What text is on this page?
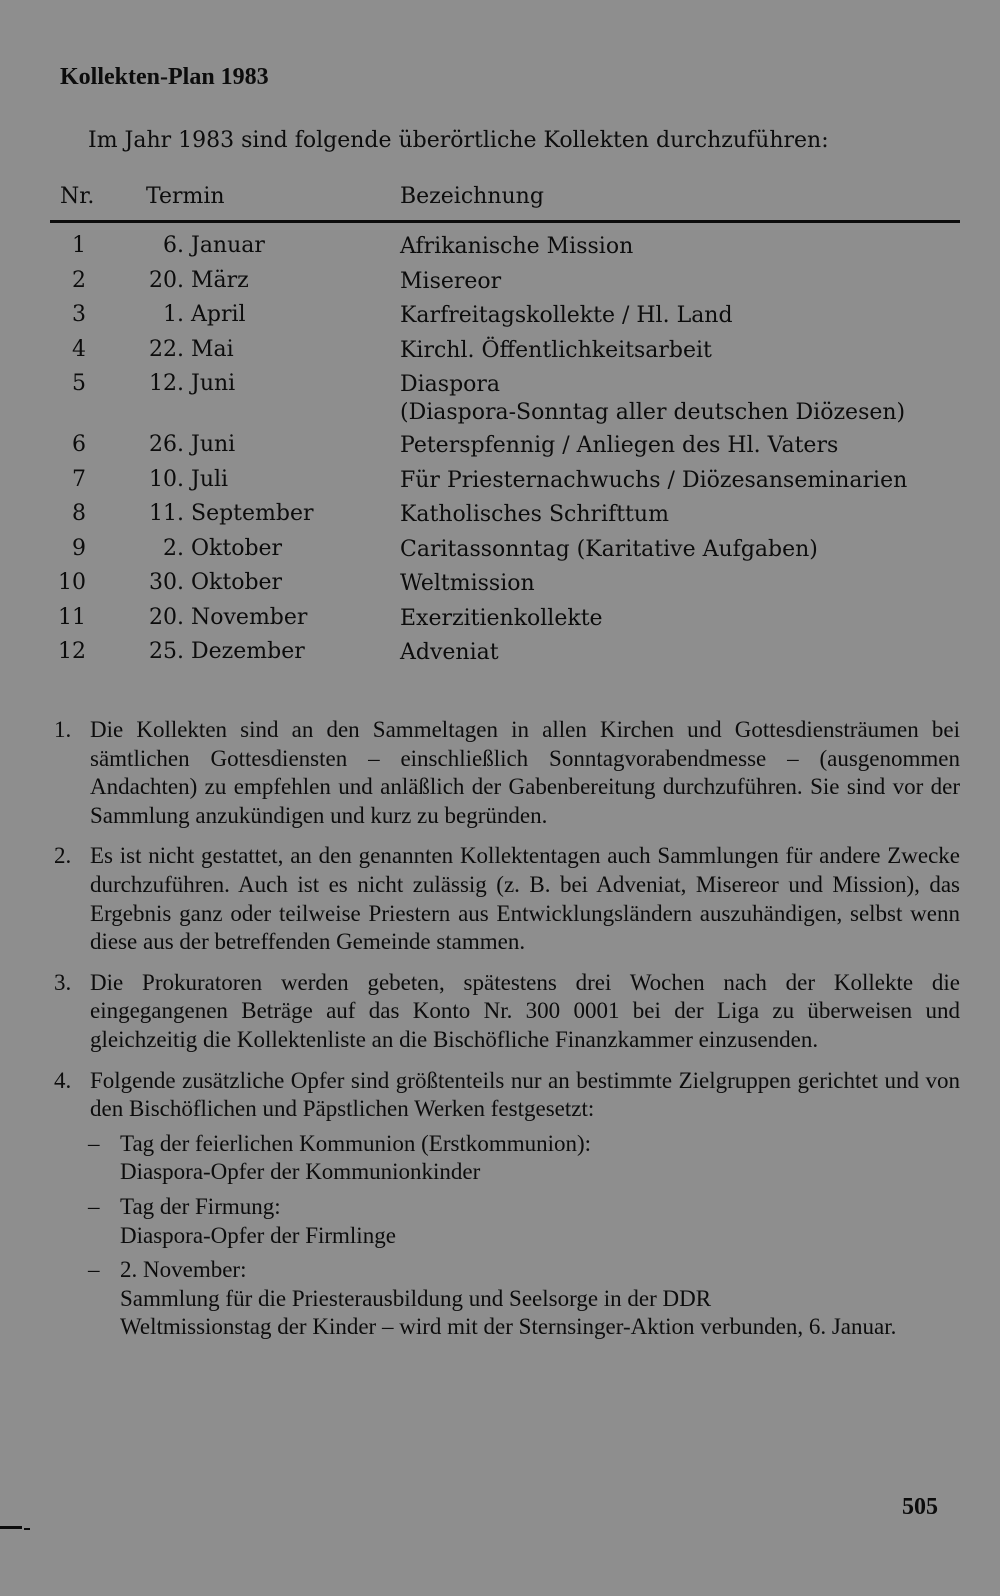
Kollekten-Plan 1983
Im Jahr 1983 sind folgende überörtliche Kollekten durchzuführen:
Nr. Termin	Bezeichnung
1	6. Januar	Afrikanische Mission
2	20. März	Misereor
3	1. April	Karfreitagskollekte / Hl. Land
4	22. Mai	Kirchl. Öffentlichkeitsarbeit
5	12. Juni	Diaspora
(Diaspora-Sonntag aller deutschen Diözesen)
6	26. Juni	Peterspfennig / Anliegen des Hl. Vaters
7	10. Juli	Für Priesternachwuchs / Diözesanseminarien
8	11. September	Katholisches Schrifttum
9	2. Oktober	Caritassonntag (Karitative Aufgaben)
10	30. Oktober	Weltmission
11	20. November	Exerzitienkollekte
12	25. Dezember	Adveniat
1. Die Kollekten sind an den Sammeltagen in allen Kirchen und Gottesdiensträumen bei sämtlichen Gottesdiensten – einschließlich Sonntagvorabendmesse – (ausgenommen Andachten) zu empfehlen und anläßlich der Gabenbereitung durchzuführen. Sie sind vor der Sammlung anzukündigen und kurz zu begründen.
2. Es ist nicht gestattet, an den genannten Kollektentagen auch Sammlungen für andere Zwecke durchzuführen. Auch ist es nicht zulässig (z. B. bei Adveniat, Misereor und Mission), das Ergebnis ganz oder teilweise Priestern aus Entwicklungsländern auszuhändigen, selbst wenn diese aus der betreffenden Gemeinde stammen.
3. Die Prokuratoren werden gebeten, spätestens drei Wochen nach der Kollekte die eingegangenen Beträge auf das Konto Nr. 300 0001 bei der Liga zu überweisen und gleichzeitig die Kollektenliste an die Bischöfliche Finanzkammer einzusenden.
4. Folgende zusätzliche Opfer sind größtenteils nur an bestimmte Zielgruppen gerichtet und von den Bischöflichen und Päpstlichen Werken festgesetzt:
– Tag der feierlichen Kommunion (Erstkommunion):
Diaspora-Opfer der Kommunionkinder
– Tag der Firmung:
Diaspora-Opfer der Firmlinge
– 2. November:
Sammlung für die Priesterausbildung und Seelsorge in der DDR
Weltmissionstag der Kinder – wird mit der Sternsinger-Aktion verbunden, 6. Januar.
505
